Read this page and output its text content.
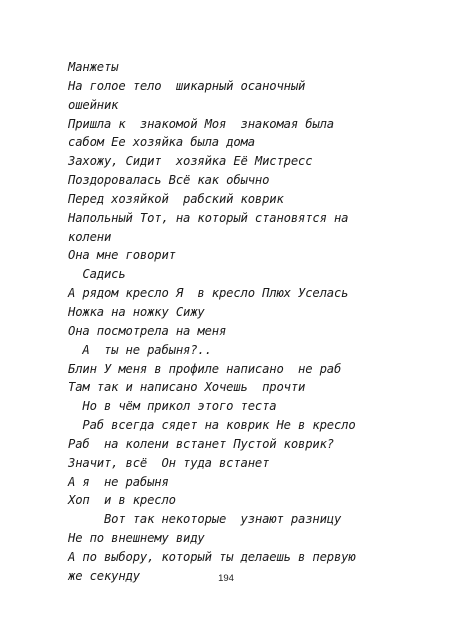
Манжеты
На голое тело  шикарный осаночный
ошейник
Пришла к  знакомой Моя  знакомая была
сабом Ее хозяйка была дома
Захожу, Сидит  хозяйка Её Мистресс
Поздоровалась Всё как обычно
Перед хозяйкой  рабский коврик
Напольный Тот, на который становятся на
колени
Она мне говорит
Садись
А рядом кресло Я  в кресло Плюх Уселась
Ножка на ножку Сижу
Она посмотрела на меня
А  ты не рабыня?..
Блин У меня в профиле написано  не раб
Там так и написано Хочешь  прочти
Но в чём прикол этого теста
Раб всегда сядет на коврик Не в кресло
Раб  на колени встанет Пустой коврик?
Значит, всё  Он туда встанет
А я  не рабыня
Хоп  и в кресло
Вот так некоторые  узнают разницу
Не по внешнему виду
А по выбору, который ты делаешь в первую
же секунду	194
